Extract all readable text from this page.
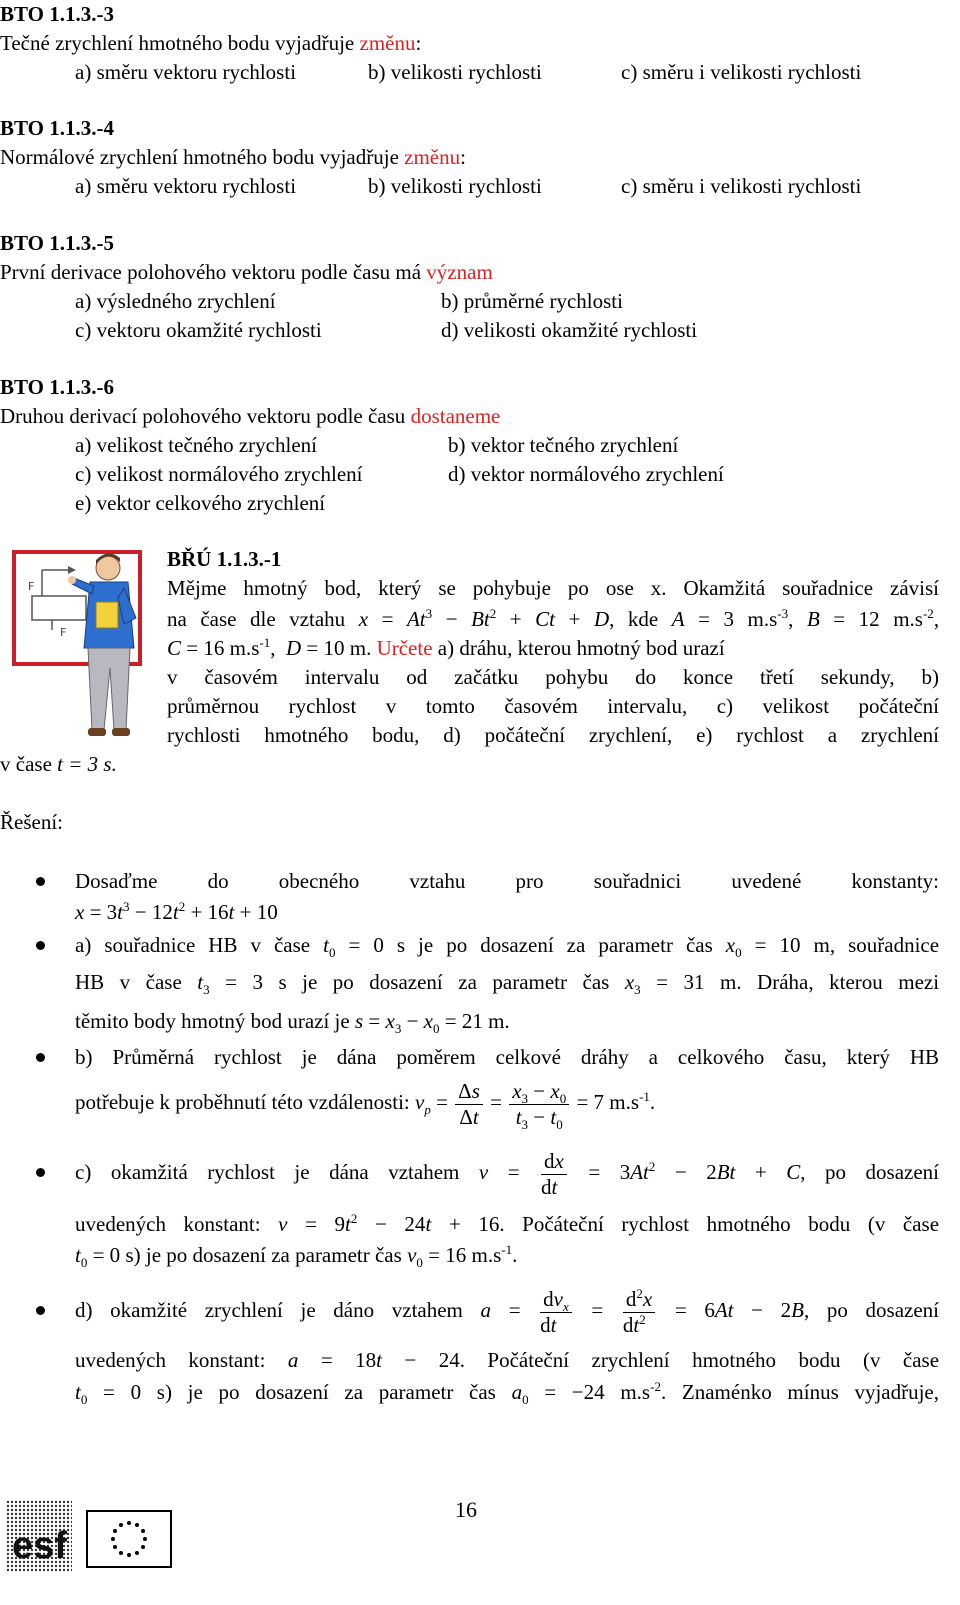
BTO 1.1.3.-3
Tečné zrychlení hmotného bodu vyjadřuje změnu:
a) směru vektoru rychlosti	b) velikosti rychlosti	c) směru i velikosti rychlosti
BTO 1.1.3.-4
Normálové zrychlení hmotného bodu vyjadřuje změnu:
a) směru vektoru rychlosti	b) velikosti rychlosti	c) směru i velikosti rychlosti
BTO 1.1.3.-5
První derivace polohového vektoru podle času má význam
a) výsledného zrychlení	b) průměrné rychlosti
c) vektoru okamžité rychlosti	d) velikosti okamžité rychlosti
BTO 1.1.3.-6
Druhou derivací polohového vektoru podle času dostaneme
a) velikost tečného zrychlení	b) vektor tečného zrychlení
c) velikost normálového zrychlení	d) vektor normálového zrychlení
e) vektor celkového zrychlení
F
F
BŘÚ 1.1.3.-1
Mějme hmotný bod, který se pohybuje po ose x. Okamžitá souřadnice závisí
na čase dle vztahu $x = At^3 - Bt^2 + Ct + D$, kde A = 3 $m.s^{-3}$, B = 12 $m.s^{-2}$,
C = 16 $m.s^{-1}$,  D = 10 m. Určete a) dráhu, kterou hmotný bod urazí
v časovém intervalu od začátku pohybu do konce třetí sekundy, b)
průměrnou rychlost v tomto časovém intervalu, c) velikost počáteční
rychlosti hmotného bodu, d) počáteční zrychlení, e) rychlost a zrychlení
v čase t = 3 s.
Řešení:
Dosaďme do obecného vztahu pro souřadnici uvedené konstanty:
$x = 3t^3 - 12t^2 + 16t + 10$
a) souřadnice HB v čase $t_0 = 0$ s je po dosazení za parametr čas $x_0 = 10$ m, souřadnice
HB v čase $t_3 = 3$ s je po dosazení za parametr čas $x_3 = 31$ m. Dráha, kterou mezi
těmito body hmotný bod urazí je $s = x_3 - x_0 = 21$ m.
b) Průměrná rychlost je dána poměrem celkové dráhy a celkového času, který HB
potřebuje k proběhnutí této vzdálenosti: $v_p = \frac{\Delta s}{\Delta t} = \frac{x_3 - x_0}{t_3 - t_0} = 7$ $m.s^{-1}$.
c) okamžitá rychlost je dána vztahem $v = \frac{dx}{dt} = 3At^2 - 2Bt + C$, po dosazení
uvedených konstant: $v = 9t^2 - 24t + 16$. Počáteční rychlost hmotného bodu (v čase
$t_0 = 0$ s) je po dosazení za parametr čas $v_0 = 16$ $m.s^{-1}$.
d) okamžité zrychlení je dáno vztahem $a = \frac{dv_x}{dt} = \frac{d^2x}{dt^2} = 6At - 2B$, po dosazení
uvedených konstant: a = 18t − 24. Počáteční zrychlení hmotného bodu (v čase
$t_0 = 0$ s) je po dosazení za parametr čas $a_0 = -24$ $m.s^{-2}$. Znaménko mínus vyjadřuje,
esf
16
